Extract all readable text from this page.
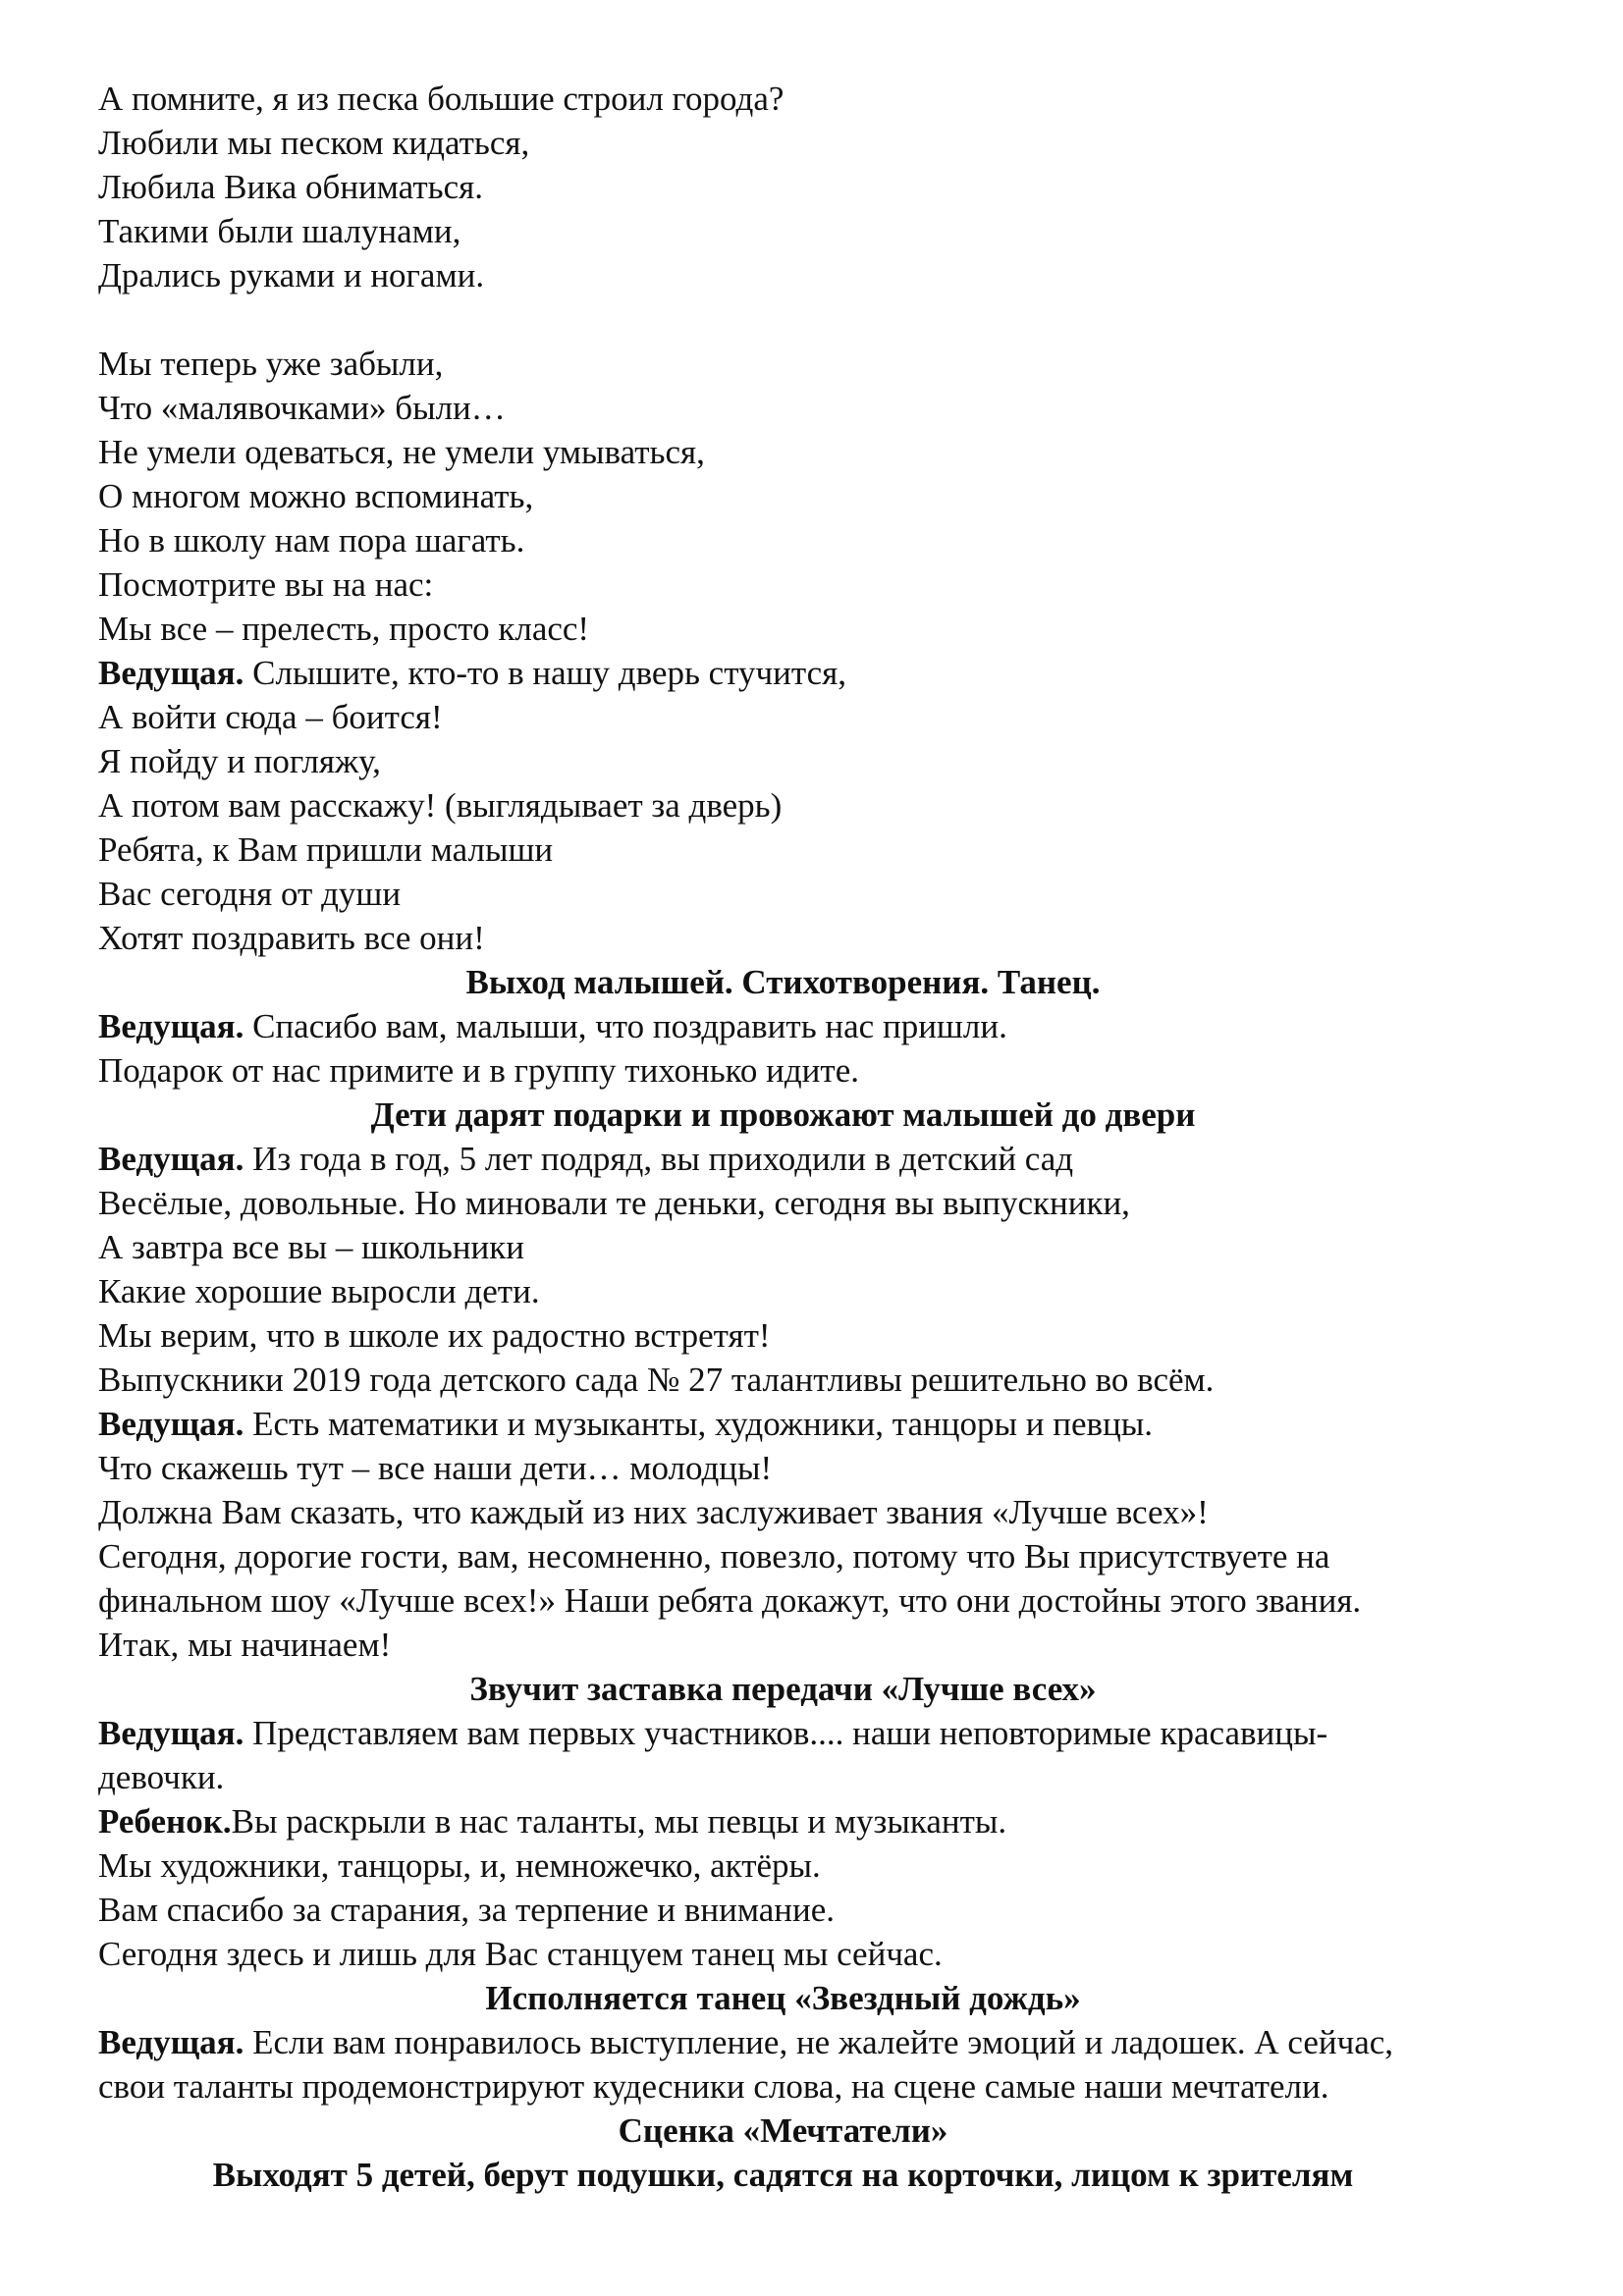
А помните, я из песка большие строил города?

Любили мы песком кидаться,

Любила Вика обниматься.

Такими были шалунами,

Дрались руками и ногами.

Мы теперь уже забыли,

Что «малявочками» были…

Не умели одеваться, не умели умываться,

О многом можно вспоминать,

Но в школу нам пора шагать.

Посмотрите вы на нас:

Мы все – прелесть, просто класс!

Ведущая. Слышите, кто-то в нашу дверь стучится,

А войти сюда – боится!

Я пойду и погляжу,

А потом вам расскажу! (выглядывает за дверь)

Ребята, к Вам пришли малыши

Вас сегодня от души

Хотят поздравить все они!

Выход малышей. Стихотворения. Танец.

Ведущая. Спасибо вам, малыши, что поздравить нас пришли.

Подарок от нас примите и в группу тихонько идите.

Дети дарят подарки и провожают малышей до двери

Ведущая. Из года в год, 5 лет подряд, вы приходили в детский сад

Весёлые, довольные. Но миновали те деньки, сегодня вы выпускники,

А завтра все вы – школьники

Какие хорошие выросли дети.

Мы верим, что в школе их радостно встретят!

Выпускники 2019 года детского сада № 27 талантливы решительно во всём.

Ведущая. Есть математики и музыканты, художники, танцоры и певцы.

Что скажешь тут – все наши дети… молодцы!

Должна Вам сказать, что каждый из них заслуживает звания «Лучше всех»!

Сегодня, дорогие гости, вам, несомненно, повезло, потому что Вы присутствуете на

финальном шоу «Лучше всех!» Наши ребята докажут, что они достойны этого звания.

Итак, мы начинаем!

Звучит заставка передачи «Лучше всех»

Ведущая. Представляем вам первых участников.... наши неповторимые красавицы-

девочки.

Ребенок.Вы раскрыли в нас таланты, мы певцы и музыканты.

Мы художники, танцоры, и, немножечко, актёры.

Вам спасибо за старания, за терпение и внимание.

Сегодня здесь и лишь для Вас станцуем танец мы сейчас.

Исполняется танец «Звездный дождь»

Ведущая. Если вам понравилось выступление, не жалейте эмоций и ладошек. А сейчас,

свои таланты продемонстрируют кудесники слова, на сцене самые наши мечтатели.

Сценка «Мечтатели»

Выходят 5 детей, берут подушки, садятся на корточки, лицом к зрителям
